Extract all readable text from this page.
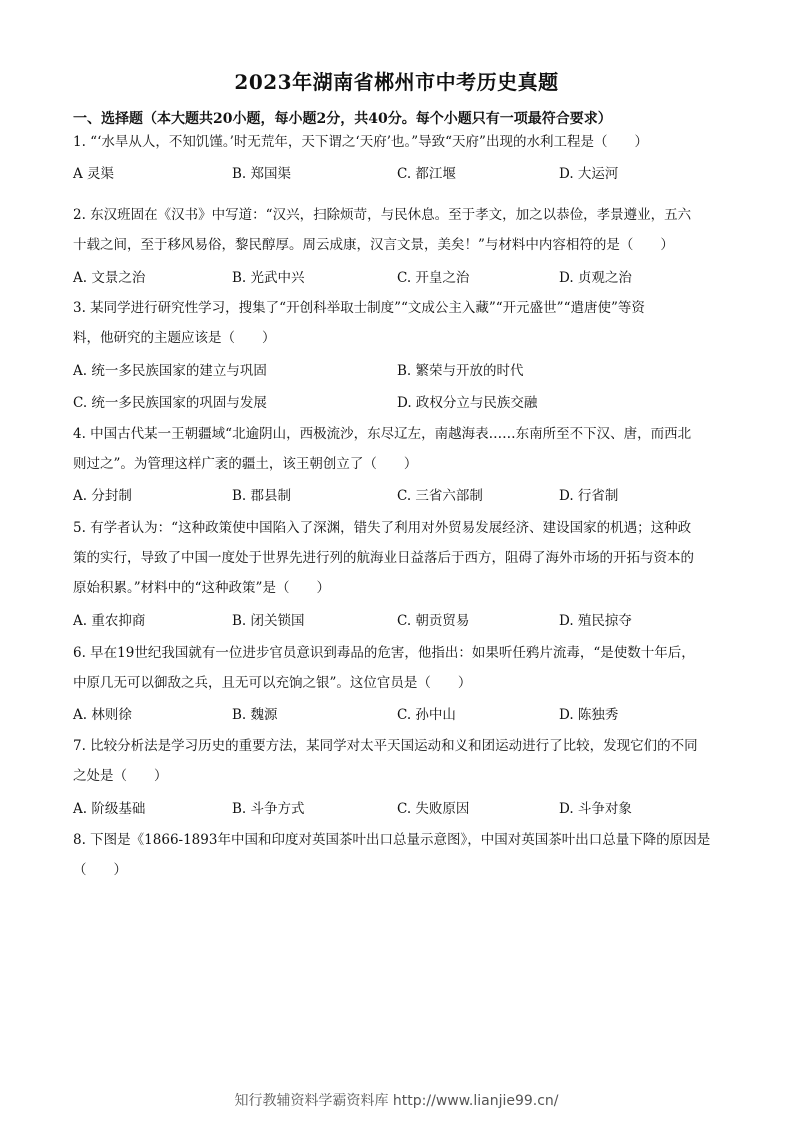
2023年湖南省郴州市中考历史真题
一、选择题（本大题共20小题，每小题2分，共40分。每个小题只有一项最符合要求）
1. “‘水旱从人，不知饥馑。’时无荒年，天下谓之‘天府’也。”导致“天府”出现的水利工程是（　　）
A 灵渠	B. 郑国渠	C. 都江堰	D. 大运河
2. 东汉班固在《汉书》中写道：“汉兴，扫除烦苛，与民休息。至于孝文，加之以恭俭，孝景遵业，五六
十载之间，至于移风易俗，黎民醇厚。周云成康，汉言文景，美矣！”与材料中内容相符的是（　　）
A. 文景之治	B. 光武中兴	C. 开皇之治	D. 贞观之治
3. 某同学进行研究性学习，搜集了“开创科举取士制度”“文成公主入藏”“开元盛世”“遣唐使”等资
料，他研究的主题应该是（　　）
A. 统一多民族国家的建立与巩固	B. 繁荣与开放的时代
C. 统一多民族国家的巩固与发展	D. 政权分立与民族交融
4. 中国古代某一王朝疆域“北逾阴山，西极流沙，东尽辽左，南越海表……东南所至不下汉、唐，而西北
则过之”。为管理这样广袤的疆土，该王朝创立了（　　）
A. 分封制	B. 郡县制	C. 三省六部制	D. 行省制
5. 有学者认为：“这种政策使中国陷入了深渊，错失了利用对外贸易发展经济、建设国家的机遇；这种政
策的实行，导致了中国一度处于世界先进行列的航海业日益落后于西方，阻碍了海外市场的开拓与资本的
原始积累。”材料中的“这种政策”是（　　）
A. 重农抑商	B. 闭关锁国	C. 朝贡贸易	D. 殖民掠夺
6. 早在19世纪我国就有一位进步官员意识到毒品的危害，他指出：如果听任鸦片流毒，“是使数十年后，
中原几无可以御敌之兵，且无可以充饷之银”。这位官员是（　　）
A. 林则徐	B. 魏源	C. 孙中山	D. 陈独秀
7. 比较分析法是学习历史的重要方法，某同学对太平天国运动和义和团运动进行了比较，发现它们的不同
之处是（　　）
A. 阶级基础	B. 斗争方式	C. 失败原因	D. 斗争对象
8. 下图是《1866-1893年中国和印度对英国茶叶出口总量示意图》，中国对英国茶叶出口总量下降的原因是
（　　）
知行教辅资料学霸资料库 http://www.lianjie99.cn/
